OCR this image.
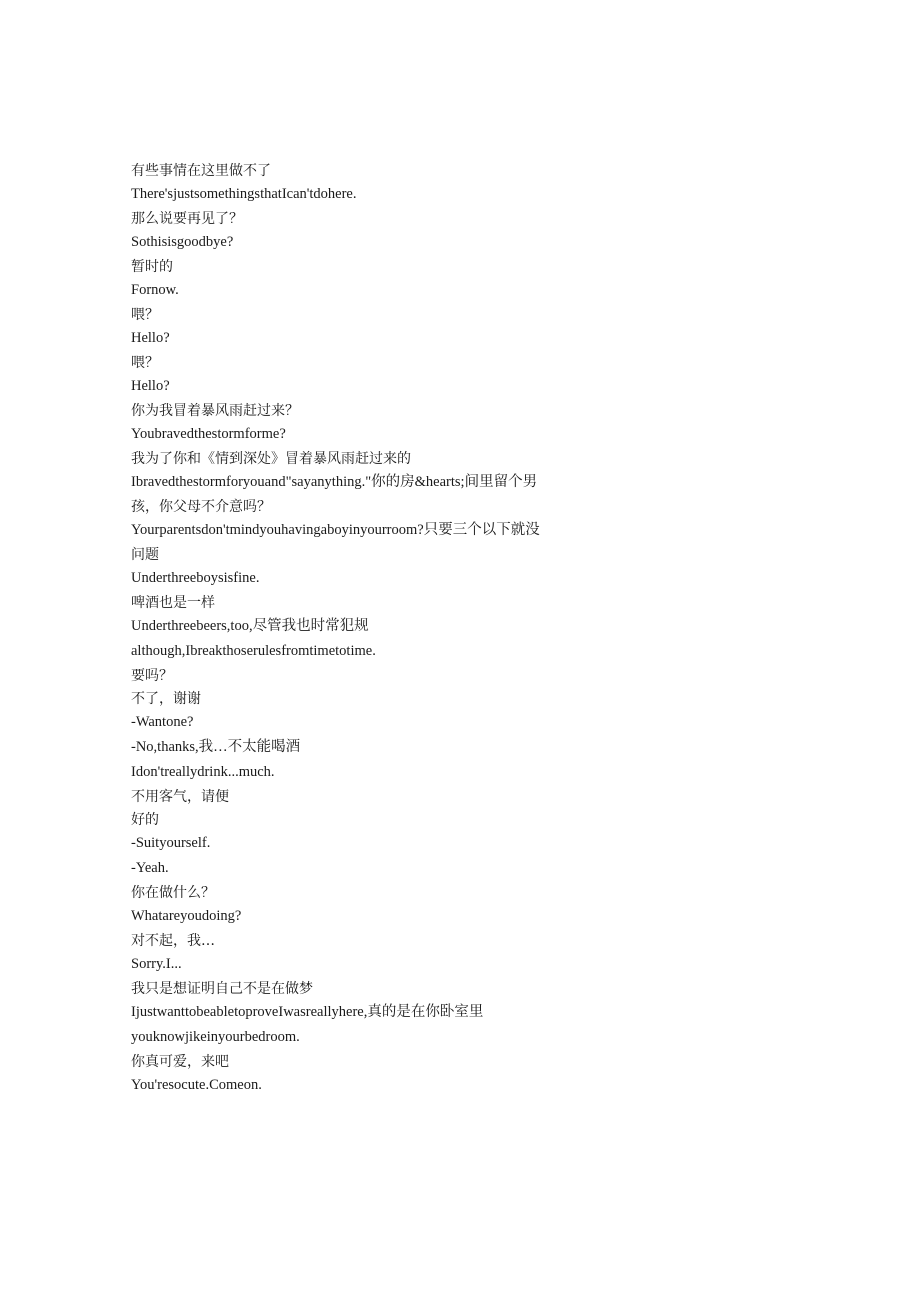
有些事情在这里做不了
There'sjustsomethingsthatIcan'tdohere.
那么说要再见了？
Sothisisgoodbye?
暂时的
Fornow.
喂？
Hello?
喂？
Hello?
你为我冒着暴风雨赶过来？
Youbravedthestormforme?
我为了你和《情到深处》冒着暴风雨赶过来的
Ibravedthestormforyouand"sayanything."你的房&hearts;间里留个男
孩，你父母不介意吗？
Yourparentsdon'tmindyouhavingaboyinyourroom?只要三个以下就没
问题
Underthreeboysisfine.
啤酒也是一样
Underthreebeers,too,尽管我也时常犯规
although,Ibreakthoserulesfromtimetotime.
要吗？
不了，谢谢
-Wantone?
-No,thanks,我…不太能喝酒
Idon'treallydrink...much.
不用客气，请便
好的
-Suityourself.
-Yeah.
你在做什么？
Whatareyoudoing?
对不起，我…
Sorry.I...
我只是想证明自己不是在做梦
IjustwanttobeabletoproveIwasreallyhere,真的是在你卧室里
youknowjikeinyourbedroom.
你真可爱，来吧
You'resocute.Comeon.
